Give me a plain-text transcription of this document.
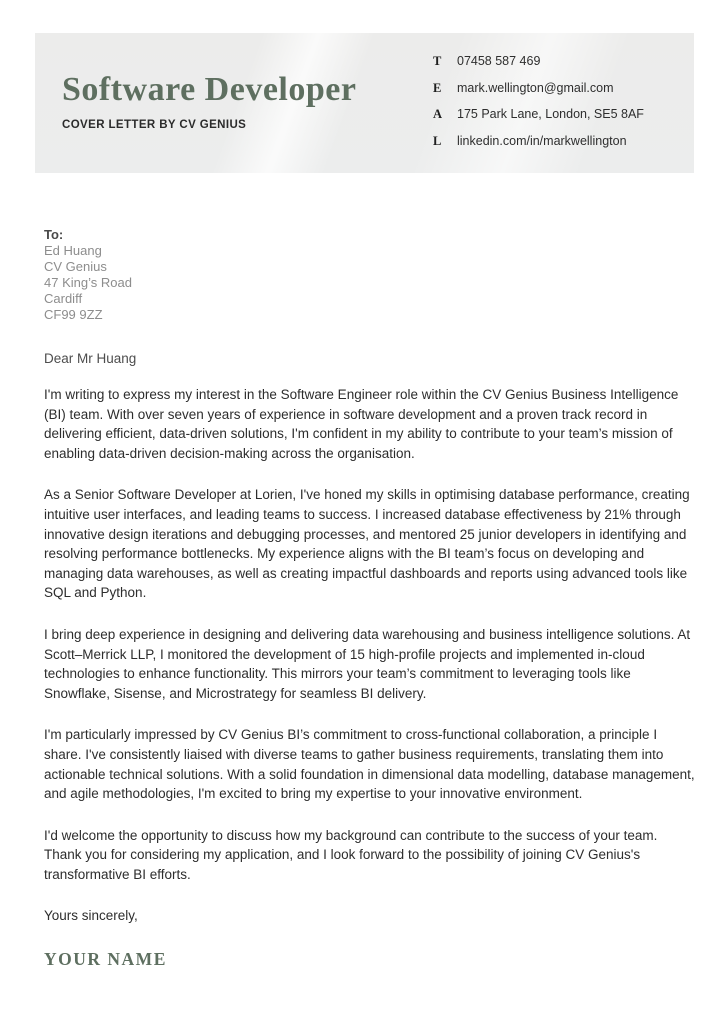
Software Developer
COVER LETTER BY CV GENIUS
T	07458 587 469
E	mark.wellington@gmail.com
A	175 Park Lane, London, SE5 8AF
L	linkedin.com/in/markwellington
To:
Ed Huang
CV Genius
47 King’s Road
Cardiff
CF99 9ZZ

Dear Mr Huang

I'm writing to express my interest in the Software Engineer role within the CV Genius Business Intelligence (BI) team. With over seven years of experience in software development and a proven track record in delivering efficient, data-driven solutions, I'm confident in my ability to contribute to your team’s mission of enabling data-driven decision-making across the organisation.

As a Senior Software Developer at Lorien, I've honed my skills in optimising database performance, creating intuitive user interfaces, and leading teams to success. I increased database effectiveness by 21% through innovative design iterations and debugging processes, and mentored 25 junior developers in identifying and resolving performance bottlenecks. My experience aligns with the BI team’s focus on developing and managing data warehouses, as well as creating impactful dashboards and reports using advanced tools like SQL and Python.

I bring deep experience in designing and delivering data warehousing and business intelligence solutions. At Scott–Merrick LLP, I monitored the development of 15 high-profile projects and implemented in-cloud technologies to enhance functionality. This mirrors your team’s commitment to leveraging tools like Snowflake, Sisense, and Microstrategy for seamless BI delivery.

I'm particularly impressed by CV Genius BI’s commitment to cross-functional collaboration, a principle I share. I've consistently liaised with diverse teams to gather business requirements, translating them into actionable technical solutions. With a solid foundation in dimensional data modelling, database management, and agile methodologies, I'm excited to bring my expertise to your innovative environment.

I'd welcome the opportunity to discuss how my background can contribute to the success of your team. Thank you for considering my application, and I look forward to the possibility of joining CV Genius's transformative BI efforts.

Yours sincerely,

YOUR NAME
